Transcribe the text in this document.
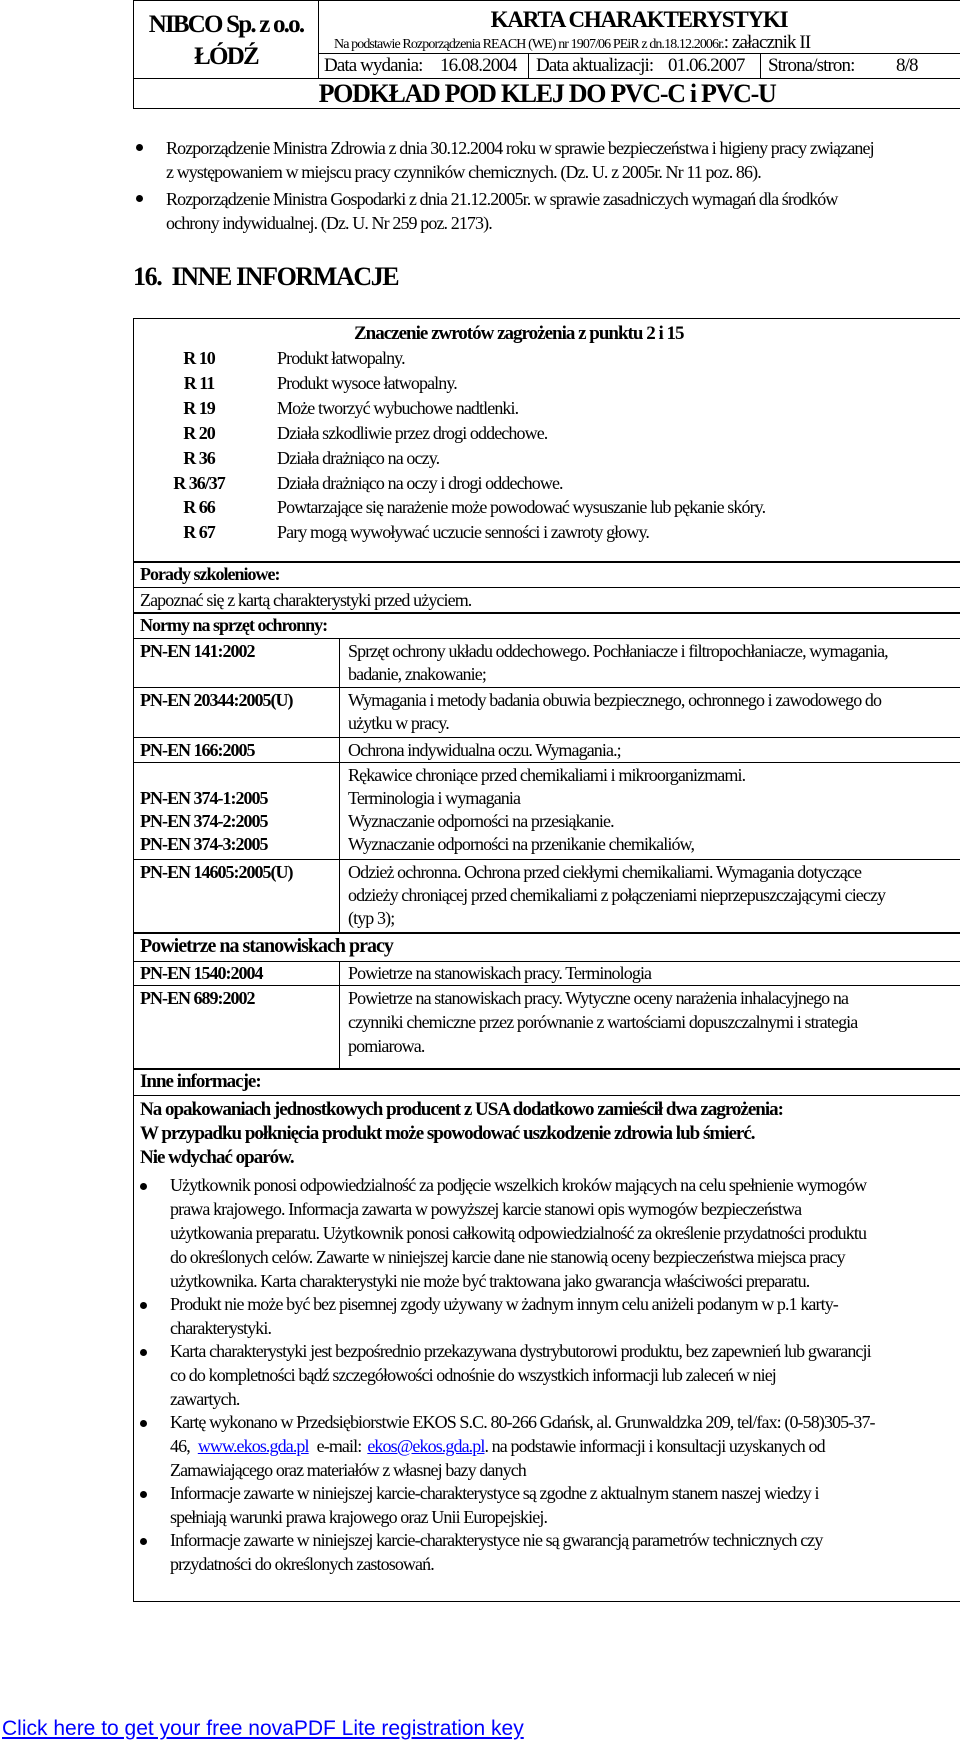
NIBCO Sp. z o.o.
ŁÓDŹ
KARTA CHARAKTERYSTYKI
Na podstawie Rozporządzenia REACH (WE) nr 1907/06 PEiR z dn.18.12.2006r.: załacznik II
Data wydania: 16.08.2004 Data aktualizacji: 01.06.2007 Strona/stron: 8/8
PODKŁAD POD KLEJ DO PVC-C i PVC-U
Rozporządzenie Ministra Zdrowia z dnia 30.12.2004 roku w sprawie bezpieczeństwa i higieny pracy związanej
z występowaniem w miejscu pracy czynników chemicznych. (Dz. U. z 2005r. Nr 11 poz. 86).
Rozporządzenie Ministra Gospodarki z dnia 21.12.2005r. w sprawie zasadniczych wymagań dla środków
ochrony indywidualnej. (Dz. U. Nr 259 poz. 2173).
16. INNE INFORMACJE
Znaczenie zwrotów zagrożenia z punktu 2 i 15
R 10	Produkt łatwopalny.
R 11	Produkt wysoce łatwopalny.
R 19	Może tworzyć wybuchowe nadtlenki.
R 20	Działa szkodliwie przez drogi oddechowe.
R 36	Działa drażniąco na oczy.
R 36/37	Działa drażniąco na oczy i drogi oddechowe.
R 66	Powtarzające się narażenie może powodować wysuszanie lub pękanie skóry.
R 67	Pary mogą wywoływać uczucie senności i zawroty głowy.
Porady szkoleniowe:
Zapoznać się z kartą charakterystyki przed użyciem.
Normy na sprzęt ochronny:
PN-EN 141:2002	Sprzęt ochrony układu oddechowego. Pochłaniacze i filtropochłaniacze, wymagania,
badanie, znakowanie;
PN-EN 20344:2005(U)	Wymagania i metody badania obuwia bezpiecznego, ochronnego i zawodowego do
użytku w pracy.
PN-EN 166:2005	Ochrona indywidualna oczu. Wymagania.;
Rękawice chroniące przed chemikaliami i mikroorganizmami.
PN-EN 374-1:2005	Terminologia i wymagania
PN-EN 374-2:2005	Wyznaczanie odporności na przesiąkanie.
PN-EN 374-3:2005	Wyznaczanie odporności na przenikanie chemikaliów,
PN-EN 14605:2005(U)	Odzież ochronna. Ochrona przed ciekłymi chemikaliami. Wymagania dotyczące
odzieży chroniącej przed chemikaliami z połączeniami nieprzepuszczającymi cieczy
(typ 3);
Powietrze na stanowiskach pracy
PN-EN 1540:2004	Powietrze na stanowiskach pracy. Terminologia
PN-EN 689:2002	Powietrze na stanowiskach pracy. Wytyczne oceny narażenia inhalacyjnego na
czynniki chemiczne przez porównanie z wartościami dopuszczalnymi i strategia
pomiarowa.
Inne informacje:
Na opakowaniach jednostkowych producent z USA dodatkowo zamieścił dwa zagrożenia:
W przypadku połknięcia produkt może spowodować uszkodzenie zdrowia lub śmierć.
Nie wdychać oparów.
Użytkownik ponosi odpowiedzialność za podjęcie wszelkich kroków mających na celu spełnienie wymogów
prawa krajowego. Informacja zawarta w powyższej karcie stanowi opis wymogów bezpieczeństwa
użytkowania preparatu. Użytkownik ponosi całkowitą odpowiedzialność za określenie przydatności produktu
do określonych celów. Zawarte w niniejszej karcie dane nie stanowią oceny bezpieczeństwa miejsca pracy
użytkownika. Karta charakterystyki nie może być traktowana jako gwarancja właściwości preparatu.
Produkt nie może być bez pisemnej zgody używany w żadnym innym celu aniżeli podanym w p.1 karty-
charakterystyki.
Karta charakterystyki jest bezpośrednio przekazywana dystrybutorowi produktu, bez zapewnień lub gwarancji
co do kompletności bądź szczegółowości odnośnie do wszystkich informacji lub zaleceń w niej
zawartych.
Kartę wykonano w Przedsiębiorstwie EKOS S.C. 80-266 Gdańsk, al. Grunwaldzka 209, tel/fax: (0-58)305-37-
46, www.ekos.gda.pl e-mail: ekos@ekos.gda.pl. na podstawie informacji i konsultacji uzyskanych od
Zamawiającego oraz materiałów z własnej bazy danych
Informacje zawarte w niniejszej karcie-charakterystyce są zgodne z aktualnym stanem naszej wiedzy i
spełniają warunki prawa krajowego oraz Unii Europejskiej.
Informacje zawarte w niniejszej karcie-charakterystyce nie są gwarancją parametrów technicznych czy
przydatności do określonych zastosowań.
Click here to get your free novaPDF Lite registration key
